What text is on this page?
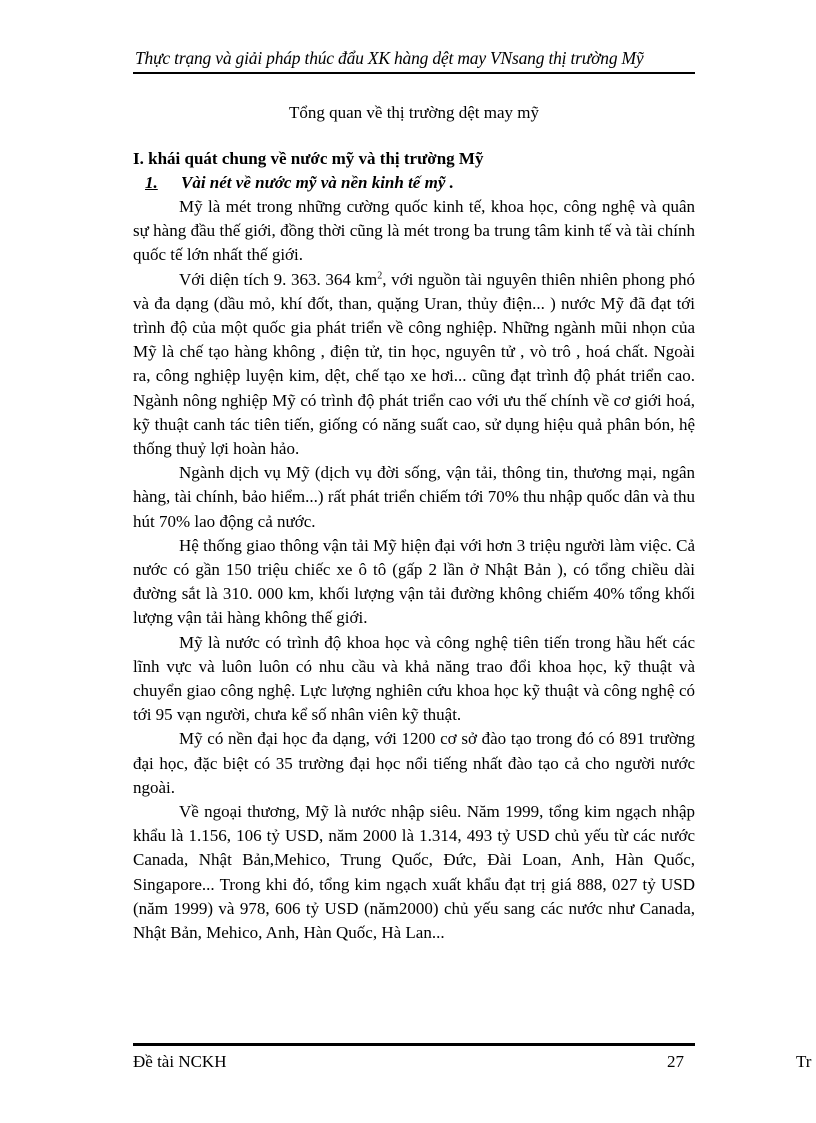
Thực trạng và giải pháp thúc đẩu XK hàng dệt may VNsang thị trường Mỹ
Tổng quan về thị trường dệt may mỹ
I. khái quát chung về nước mỹ và thị trường Mỹ
1. Vài nét về nước mỹ và nền kinh tế mỹ .

Mỹ là mét trong những cường quốc kinh tế, khoa học, công nghệ và quân sự hàng đầu thế giới, đồng thời cũng là mét trong ba trung tâm kinh tế và tài chính quốc tế lớn nhất thế giới.

Với diện tích 9. 363. 364 $km^2$, với nguồn tài nguyên thiên nhiên phong phó và đa dạng (dầu mỏ, khí đốt, than, quặng Uran, thủy điện... ) nước Mỹ đã đạt tới trình độ của một quốc gia phát triển về công nghiệp. Những ngành mũi nhọn của Mỹ là chế tạo hàng không , điện tử, tin học, nguyên tử , vò trô , hoá chất. Ngoài ra, công nghiệp luyện kim, dệt, chế tạo xe hơi... cũng đạt trình độ phát triển cao. Ngành nông nghiệp Mỹ có trình độ phát triển cao với ưu thế chính về cơ giới hoá, kỹ thuật canh tác tiên tiến, giống có năng suất cao, sử dụng hiệu quả phân bón, hệ thống thuỷ lợi hoàn hảo.

Ngành dịch vụ Mỹ (dịch vụ đời sống, vận tải, thông tin, thương mại, ngân hàng, tài chính, bảo hiểm...) rất phát triển chiếm tới 70% thu nhập quốc dân và thu hút 70% lao động cả nước.

Hệ thống giao thông vận tải Mỹ hiện đại với hơn 3 triệu người làm việc. Cả nước có gần 150 triệu chiếc xe ô tô (gấp 2 lần ở Nhật Bản ), có tổng chiều dài đường sắt là 310. 000 km, khối lượng vận tải đường không chiếm 40% tổng khối lượng vận tải hàng không thế giới.

Mỹ là nước có trình độ khoa học và công nghệ tiên tiến trong hầu hết các lĩnh vực và luôn luôn có nhu cầu và khả năng trao đổi khoa học, kỹ thuật và chuyển giao công nghệ. Lực lượng nghiên cứu khoa học kỹ thuật và công nghệ có tới 95 vạn người, chưa kể số nhân viên kỹ thuật.

Mỹ có nền đại học đa dạng, với 1200 cơ sở đào tạo trong đó có 891 trường đại học, đặc biệt có 35 trường đại học nổi tiếng nhất đào tạo cả cho người nước ngoài.

Về ngoại thương, Mỹ là nước nhập siêu. Năm 1999, tổng kim ngạch nhập khẩu là 1.156, 106 tỷ USD, năm 2000 là 1.314, 493 tỷ USD chủ yếu từ các nước Canada, Nhật Bản,Mehico, Trung Quốc, Đức, Đài Loan, Anh, Hàn Quốc, Singapore... Trong khi đó, tổng kim ngạch xuất khẩu đạt trị giá 888, 027 tỷ USD (năm 1999) và 978, 606 tỷ USD (năm2000) chủ yếu sang các nước như Canada, Nhật Bản, Mehico, Anh, Hàn Quốc, Hà Lan...

Đề tài NCKH	27	Tr
